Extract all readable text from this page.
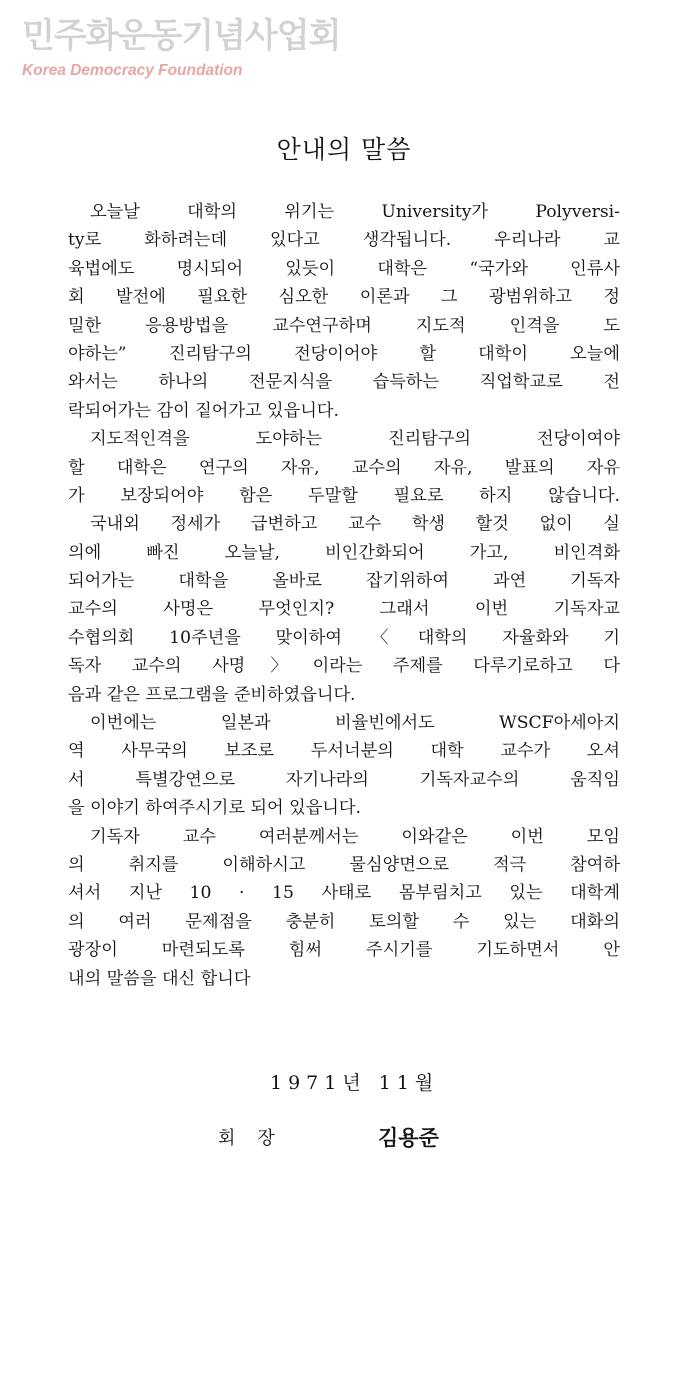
민주화운동기념사업회
Korea Democracy Foundation
안내의 말씀
오늘날 대학의 위기는 University가 Polyversi-
ty로 화하려는데 있다고 생각됩니다. 우리나라 교
육법에도 명시되어 있듯이 대학은 “국가와 인류사
회 발전에 필요한 심오한 이론과 그 광범위하고 정
밀한 응용방법을 교수연구하며 지도적 인격을 도
야하는” 진리탐구의 전당이어야 할 대학이 오늘에
와서는 하나의 전문지식을 습득하는 직업학교로 전
락되어가는 감이 짙어가고 있읍니다.
지도적인격을 도야하는 진리탐구의 전당이여야
할 대학은 연구의 자유, 교수의 자유, 발표의 자유
가 보장되어야 함은 두말할 필요로 하지 않습니다.
국내외 정세가 급변하고 교수 학생 할것 없이 실
의에 빠진 오늘날, 비인간화되어 가고, 비인격화
되어가는 대학을 올바로 잡기위하여 과연 기독자
교수의 사명은 무엇인지? 그래서 이번 기독자교
수협의회 10주년을 맞이하여〈대학의 자율화와 기
독자 교수의 사명〉이라는 주제를 다루기로하고 다
음과 같은 프로그램을 준비하였읍니다.
이번에는 일본과 비율빈에서도 WSCF아세아지
역 사무국의 보조로 두서너분의 대학 교수가 오셔
서 특별강연으로 자기나라의 기독자교수의 움직임
을 이야기 하여주시기로 되어 있읍니다.
기독자 교수 여러분께서는 이와같은 이번 모임
의 취지를 이해하시고 물심양면으로 적극 참여하
셔서 지난 10 · 15 사태로 몸부림치고 있는 대학계
의 여러 문제점을 충분히 토의할 수 있는 대화의
광장이 마련되도록 힘써 주시기를 기도하면서 안
내의 말씀을 대신 합니다
1971년 11월
회장	김용준
